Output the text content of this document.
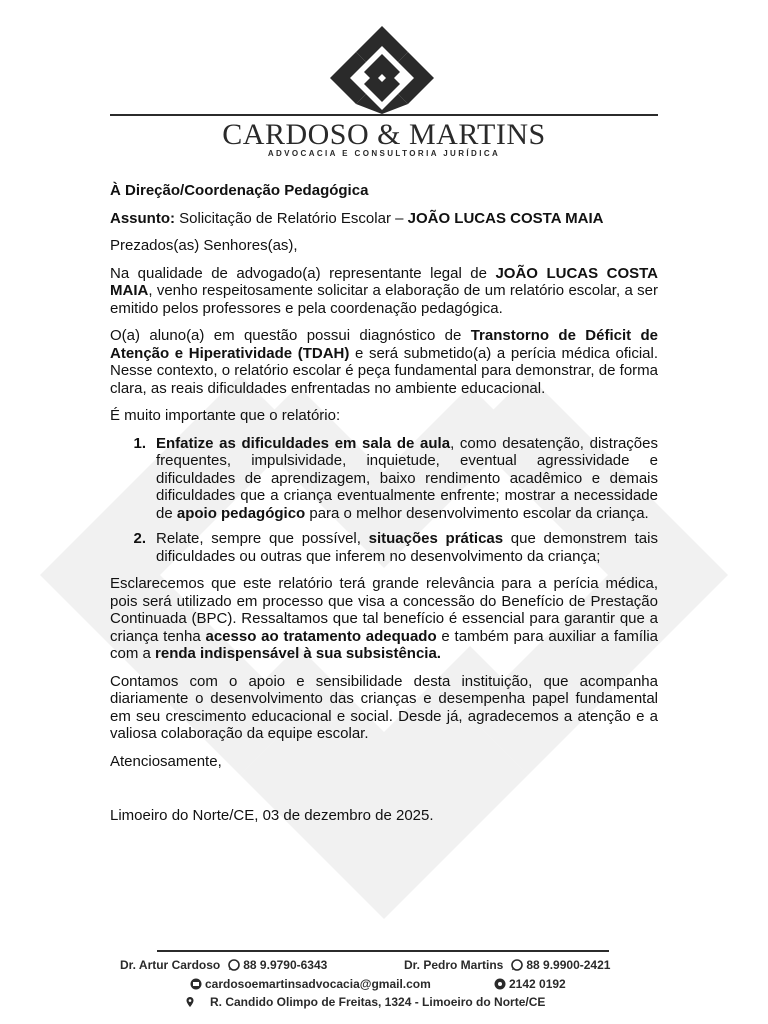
CARDOSO & MARTINS
ADVOCACIA E CONSULTORIA JURÍDICA

À Direção/Coordenação Pedagógica

Assunto: Solicitação de Relatório Escolar – JOÃO LUCAS COSTA MAIA

Prezados(as) Senhores(as),

Na qualidade de advogado(a) representante legal de JOÃO LUCAS COSTA MAIA, venho respeitosamente solicitar a elaboração de um relatório escolar, a ser emitido pelos professores e pela coordenação pedagógica.

O(a) aluno(a) em questão possui diagnóstico de Transtorno de Déficit de Atenção e Hiperatividade (TDAH) e será submetido(a) a perícia médica oficial. Nesse contexto, o relatório escolar é peça fundamental para demonstrar, de forma clara, as reais dificuldades enfrentadas no ambiente educacional.

É muito importante que o relatório:

1. Enfatize as dificuldades em sala de aula, como desatenção, distrações frequentes, impulsividade, inquietude, eventual agressividade e dificuldades de aprendizagem, baixo rendimento acadêmico e demais dificuldades que a criança eventualmente enfrente; mostrar a necessidade de apoio pedagógico para o melhor desenvolvimento escolar da criança.
2. Relate, sempre que possível, situações práticas que demonstrem tais dificuldades ou outras que inferem no desenvolvimento da criança;

Esclarecemos que este relatório terá grande relevância para a perícia médica, pois será utilizado em processo que visa a concessão do Benefício de Prestação Continuada (BPC). Ressaltamos que tal benefício é essencial para garantir que a criança tenha acesso ao tratamento adequado e também para auxiliar a família com a renda indispensável à sua subsistência.

Contamos com o apoio e sensibilidade desta instituição, que acompanha diariamente o desenvolvimento das crianças e desempenha papel fundamental em seu crescimento educacional e social. Desde já, agradecemos a atenção e a valiosa colaboração da equipe escolar.

Atenciosamente,

Limoeiro do Norte/CE, 03 de dezembro de 2025.

Dr. Artur Cardoso 88 9.9790-6343	Dr. Pedro Martins 88 9.9900-2421
cardosoemartinsadvocacia@gmail.com	2142 0192
R. Candido Olimpo de Freitas, 1324 - Limoeiro do Norte/CE
